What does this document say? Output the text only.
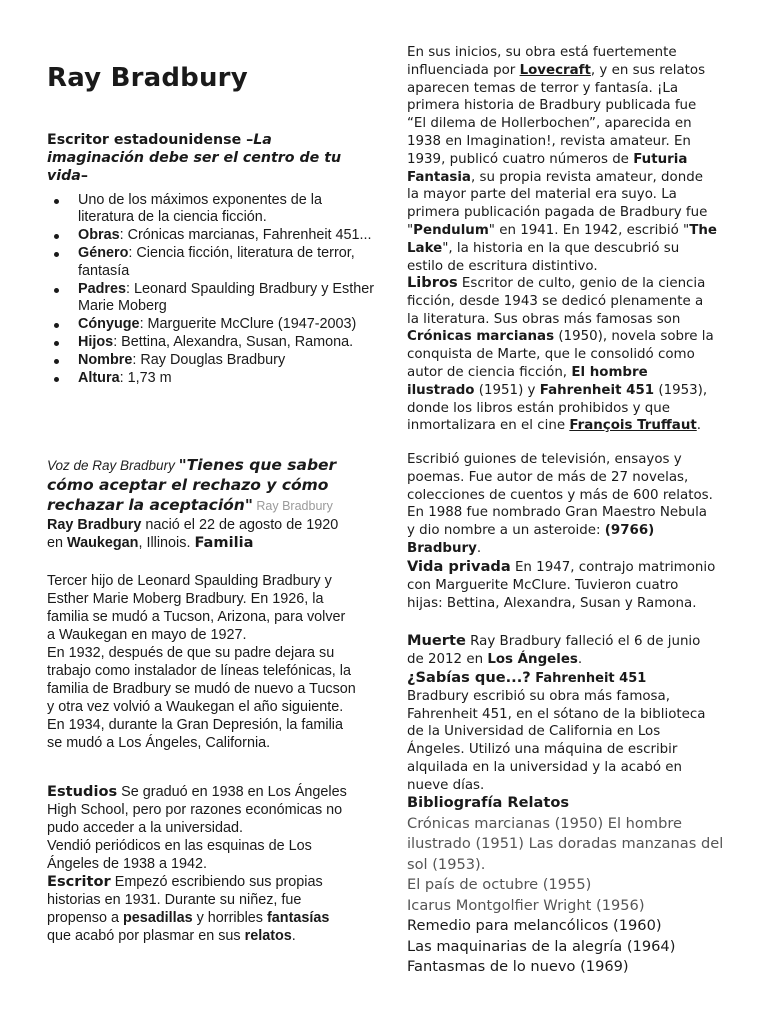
Ray Bradbury
Escritor estadounidense –La imaginación debe ser el centro de tu vida–
Uno de los máximos exponentes de la literatura de la ciencia ficción.
Obras: Crónicas marcianas, Fahrenheit 451...
Género: Ciencia ficción, literatura de terror, fantasía
Padres: Leonard Spaulding Bradbury y Esther Marie Moberg
Cónyuge: Marguerite McClure (1947-2003)
Hijos: Bettina, Alexandra, Susan, Ramona.
Nombre: Ray Douglas Bradbury
Altura: 1,73 m
Voz de Ray Bradbury "Tienes que saber cómo aceptar el rechazo y cómo rechazar la aceptación" Ray Bradbury
Ray Bradbury nació el 22 de agosto de 1920 en Waukegan, Illinois. Familia
Tercer hijo de Leonard Spaulding Bradbury y Esther Marie Moberg Bradbury. En 1926, la familia se mudó a Tucson, Arizona, para volver a Waukegan en mayo de 1927.
En 1932, después de que su padre dejara su trabajo como instalador de líneas telefónicas, la familia de Bradbury se mudó de nuevo a Tucson y otra vez volvió a Waukegan el año siguiente. En 1934, durante la Gran Depresión, la familia se mudó a Los Ángeles, California.
Estudios Se graduó en 1938 en Los Ángeles High School, pero por razones económicas no pudo acceder a la universidad.
Vendió periódicos en las esquinas de Los Ángeles de 1938 a 1942.
Escritor Empezó escribiendo sus propias historias en 1931. Durante su niñez, fue propenso a pesadillas y horribles fantasías que acabó por plasmar en sus relatos.
En sus inicios, su obra está fuertemente influenciada por Lovecraft, y en sus relatos aparecen temas de terror y fantasía. ¡La primera historia de Bradbury publicada fue “El dilema de Hollerbochen”, aparecida en 1938 en Imagination!, revista amateur. En 1939, publicó cuatro números de Futuria Fantasia, su propia revista amateur, donde la mayor parte del material era suyo. La primera publicación pagada de Bradbury fue "Pendulum" en 1941. En 1942, escribió "The Lake", la historia en la que descubrió su estilo de escritura distintivo.
Libros Escritor de culto, genio de la ciencia ficción, desde 1943 se dedicó plenamente a la literatura. Sus obras más famosas son Crónicas marcianas (1950), novela sobre la conquista de Marte, que le consolidó como autor de ciencia ficción, El hombre ilustrado (1951) y Fahrenheit 451 (1953), donde los libros están prohibidos y que inmortalizara en el cine François Truffaut.
Escribió guiones de televisión, ensayos y poemas. Fue autor de más de 27 novelas, colecciones de cuentos y más de 600 relatos. En 1988 fue nombrado Gran Maestro Nebula y dio nombre a un asteroide: (9766) Bradbury.
Vida privada En 1947, contrajo matrimonio con Marguerite McClure. Tuvieron cuatro hijas: Bettina, Alexandra, Susan y Ramona.
Muerte Ray Bradbury falleció el 6 de junio de 2012 en Los Ángeles.
¿Sabías que...? Fahrenheit 451
Bradbury escribió su obra más famosa, Fahrenheit 451, en el sótano de la biblioteca de la Universidad de California en Los Ángeles. Utilizó una máquina de escribir alquilada en la universidad y la acabó en nueve días.
Bibliografía Relatos
Crónicas marcianas (1950) El hombre ilustrado (1951) Las doradas manzanas del sol (1953).
El país de octubre (1955)
Icarus Montgolfier Wright (1956)
Remedio para melancólicos (1960)
Las maquinarias de la alegría (1964)
Fantasmas de lo nuevo (1969)
